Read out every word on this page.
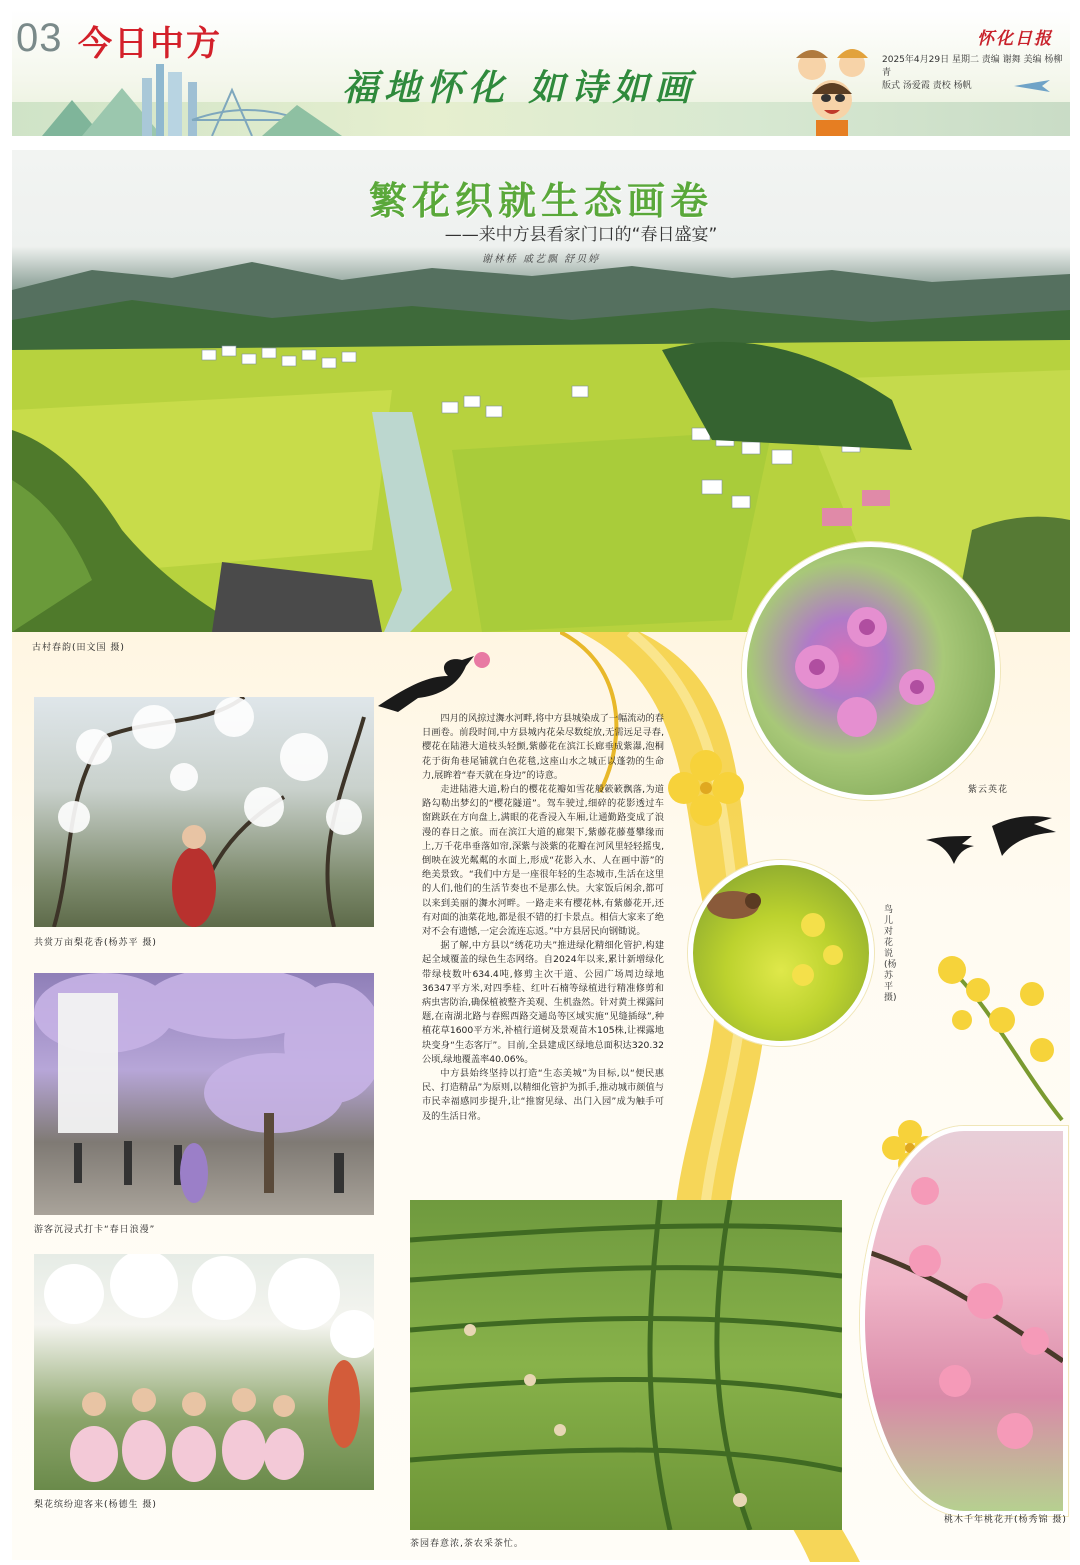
03 今日中方
福地怀化 如诗如画
怀化日报
2025年4月29日 星期二 责编 谢舞 美编 杨柳青
版式 汤爱霞 责校 杨帆
繁花织就生态画卷
——来中方县看家门口的“春日盛宴”
谢林桥 戚艺飘 舒贝婷
古村春韵(田文国 摄)
共赏万亩梨花香(杨苏平 摄)
游客沉浸式打卡“春日浪漫”
梨花缤纷迎客来(杨德生 摄)

四月的风掠过㵲水河畔,将中方县城染成了一幅流动的春日画卷。前段时间,中方县城内花朵尽数绽放,无需远足寻春,樱花在陆港大道枝头轻颤,紫藤花在滨江长廊垂成紫瀑,泡桐花于街角巷尾铺就白色花毯,这座山水之城正以蓬勃的生命力,展眸着“春天就在身边”的诗意。

走进陆港大道,粉白的樱花花瓣如雪花般簌簌飘落,为道路勾勒出梦幻的“樱花隧道”。驾车驶过,细碎的花影透过车窗跳跃在方向盘上,满眼的花香浸入车厢,让通勤路变成了浪漫的春日之旅。而在滨江大道的廊架下,紫藤花藤蔓攀缘而上,万千花串垂落如帘,深紫与淡紫的花瓣在河风里轻轻摇曳,倒映在波光粼粼的水面上,形成“花影入水、人在画中游”的绝美景致。“我们中方是一座很年轻的生态城市,生活在这里的人们,他们的生活节奏也不是那么快。大家饭后闲余,都可以来到美丽的㵲水河畔。一路走来有樱花林,有紫藤花开,还有对面的油菜花地,都是很不错的打卡景点。相信大家来了绝对不会有遗憾,一定会流连忘返。”中方县居民向钢锄说。

据了解,中方县以“绣花功夫”推进绿化精细化管护,构建起全域覆盖的绿色生态网络。自2024年以来,累计新增绿化带绿枝数叶634.4吨,修剪主次干道、公园广场周边绿地36347平方米,对四季桂、红叶石楠等绿植进行精准修剪和病虫害防治,确保植被整齐美观、生机盎然。针对黄土裸露问题,在南湖北路与春熙西路交通岛等区域实施“见缝插绿”,种植花草1600平方米,补植行道树及景观苗木105株,让裸露地块变身“生态客厅”。目前,全县建成区绿地总面积达320.32公顷,绿地覆盖率40.06%。

中方县始终坚持以打造“生态美城”为目标,以“便民惠民、打造精品”为原则,以精细化管护为抓手,推动城市颜值与市民幸福感同步提升,让“推窗见绿、出门入园”成为触手可及的生活日常。

紫云英花
鸟儿对花说(杨苏平 摄)
桃木千年桃花开(杨秀锦 摄)
茶园春意浓,茶农采茶忙。
